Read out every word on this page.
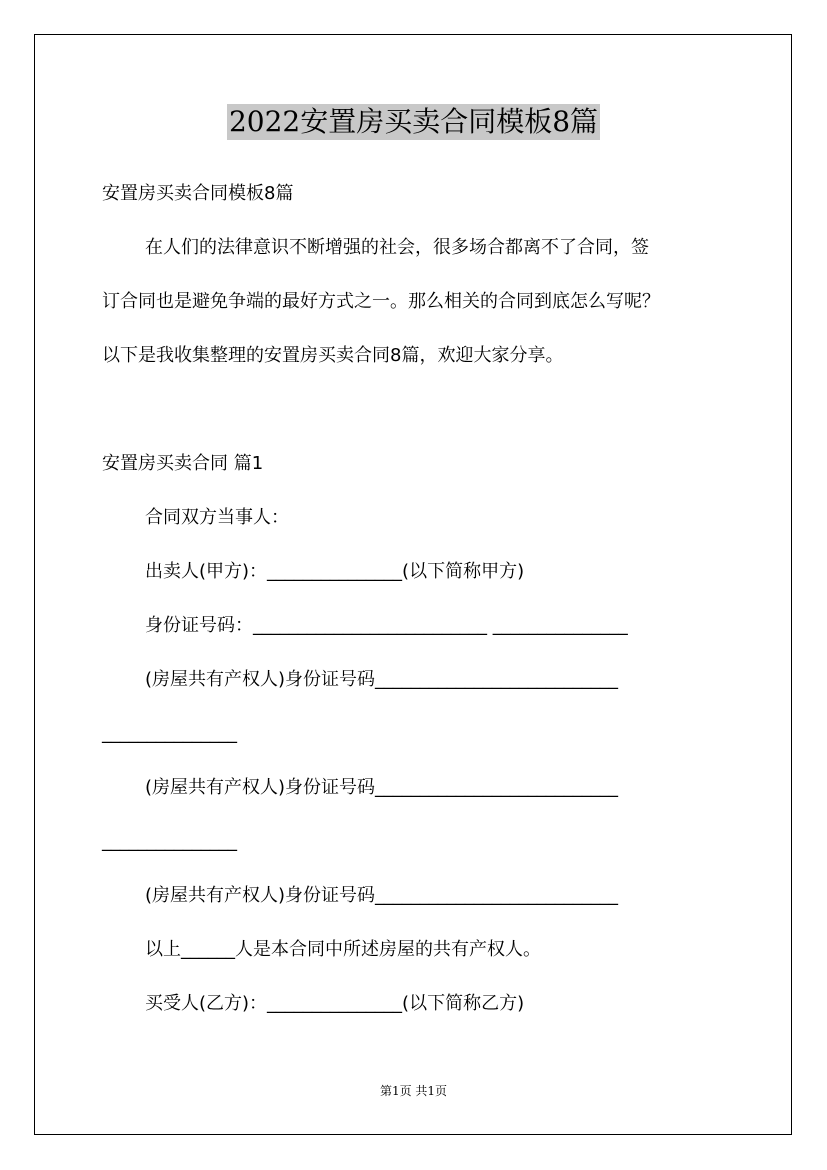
2022安置房买卖合同模板8篇
安置房买卖合同模板8篇
在人们的法律意识不断增强的社会，很多场合都离不了合同，签
订合同也是避免争端的最好方式之一。那么相关的合同到底怎么写呢？
以下是我收集整理的安置房买卖合同8篇，欢迎大家分享。
安置房买卖合同 篇1
合同双方当事人：
出卖人(甲方)：_______________(以下简称甲方)
身份证号码：__________________________ _______________
(房屋共有产权人)身份证号码___________________________
_______________
(房屋共有产权人)身份证号码___________________________
_______________
(房屋共有产权人)身份证号码___________________________
以上______人是本合同中所述房屋的共有产权人。
买受人(乙方)：_______________(以下简称乙方)
第1页 共1页
